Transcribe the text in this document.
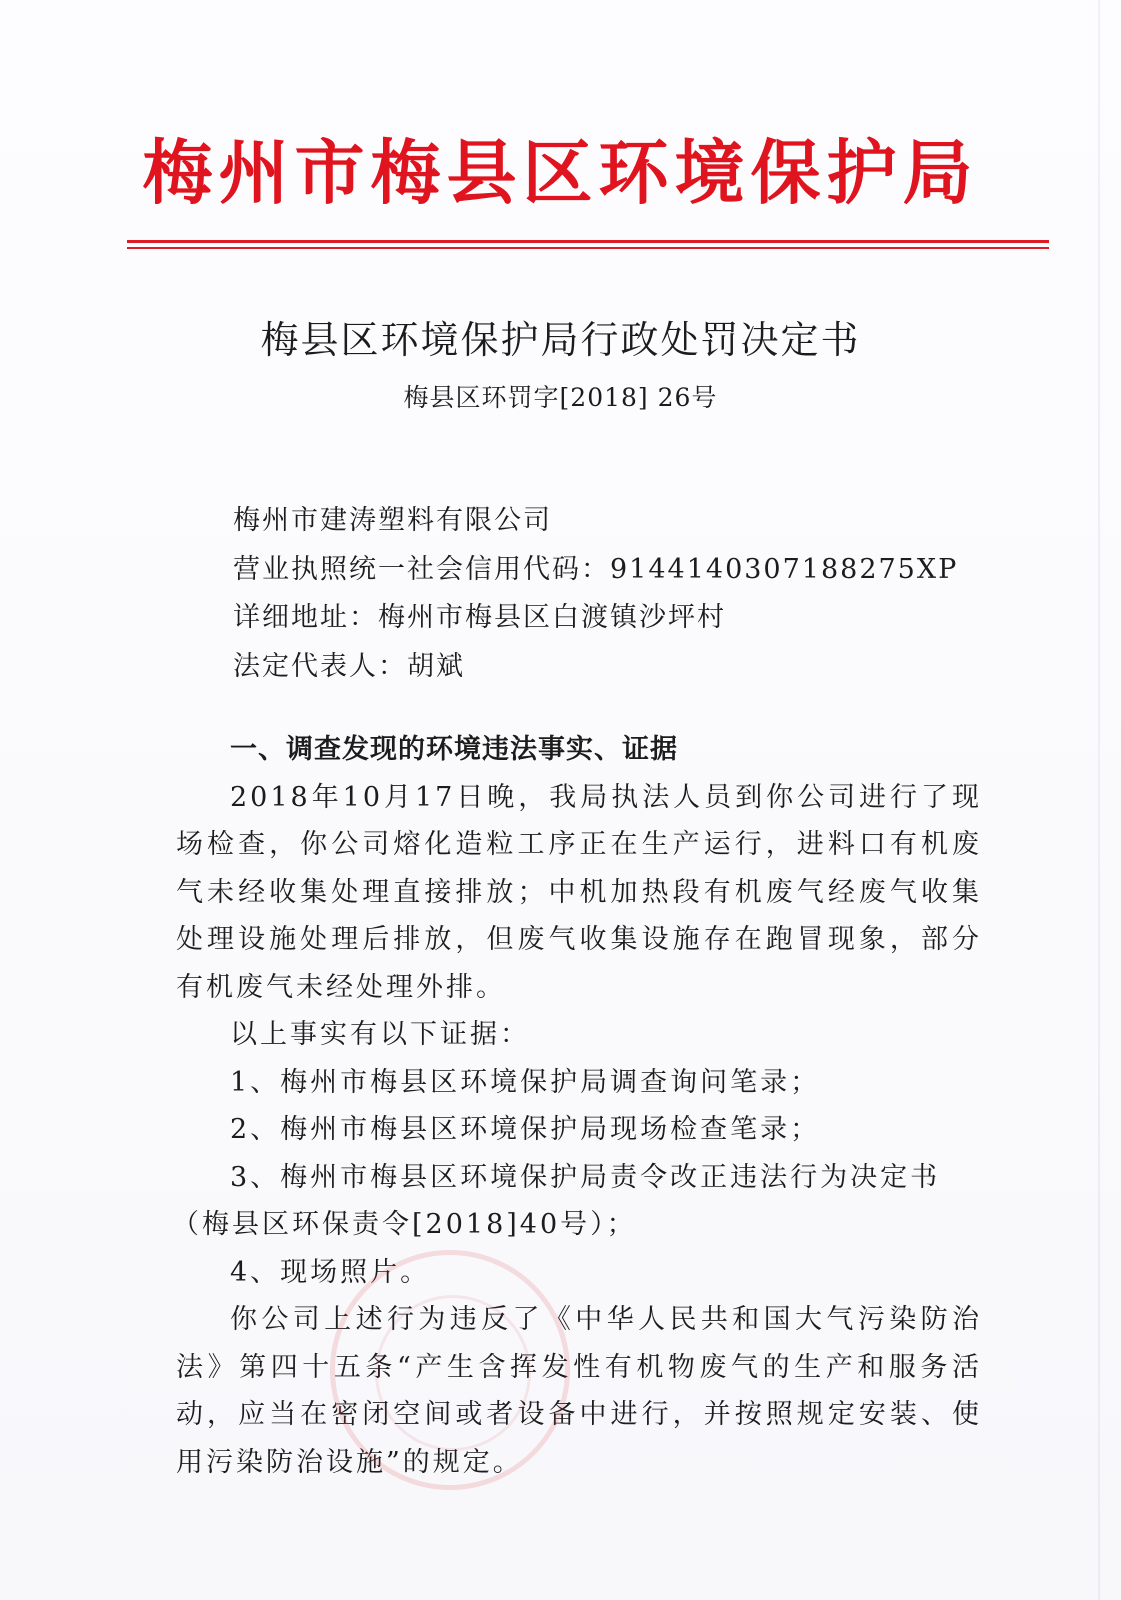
梅州市梅县区环境保护局
梅县区环境保护局行政处罚决定书
梅县区环罚字[2018] 26号
梅州市建涛塑料有限公司
营业执照统一社会信用代码：9144140307188275XP
详细地址：梅州市梅县区白渡镇沙坪村
法定代表人：胡斌

一、调查发现的环境违法事实、证据

2018年10月17日晚，我局执法人员到你公司进行了现场检查，你公司熔化造粒工序正在生产运行，进料口有机废气未经收集处理直接排放；中机加热段有机废气经废气收集处理设施处理后排放，但废气收集设施存在跑冒现象，部分有机废气未经处理外排。

以上事实有以下证据：

1、梅州市梅县区环境保护局调查询问笔录；

2、梅州市梅县区环境保护局现场检查笔录；

3、梅州市梅县区环境保护局责令改正违法行为决定书

（梅县区环保责令[2018]40号）；

4、现场照片。

你公司上述行为违反了《中华人民共和国大气污染防治法》第四十五条“产生含挥发性有机物废气的生产和服务活动，应当在密闭空间或者设备中进行，并按照规定安装、使用污染防治设施”的规定。
